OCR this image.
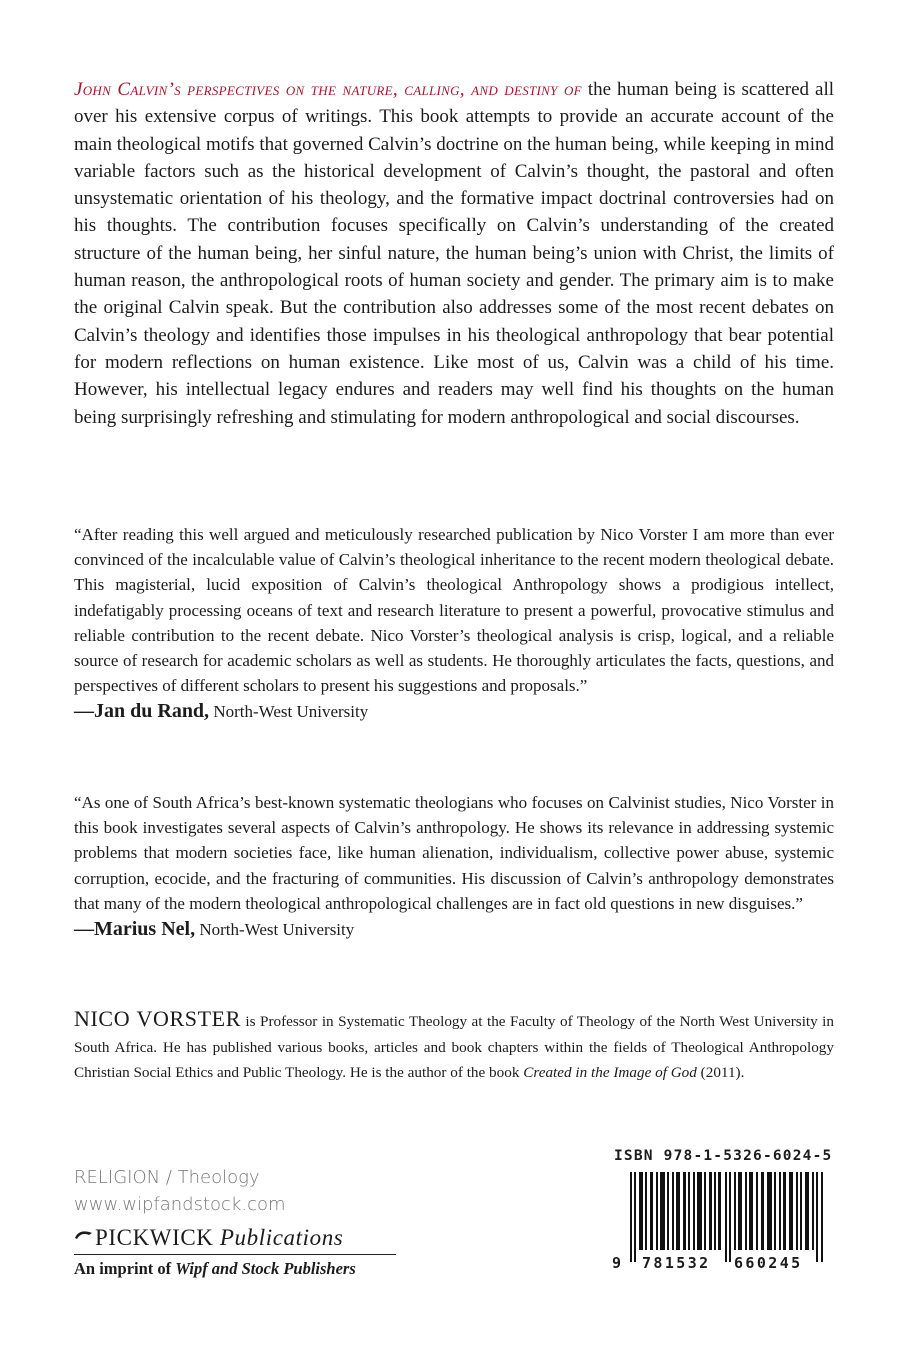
John Calvin’s perspectives on the nature, calling, and destiny of the human being is scattered all over his extensive corpus of writings. This book attempts to provide an accurate account of the main theological motifs that governed Calvin’s doctrine on the human being, while keeping in mind variable factors such as the historical development of Calvin’s thought, the pastoral and often unsystematic orientation of his theology, and the formative impact doctrinal controversies had on his thoughts. The contribution focuses specifically on Calvin’s understanding of the created structure of the human being, her sinful nature, the human being’s union with Christ, the limits of human reason, the anthropological roots of human society and gender. The primary aim is to make the original Calvin speak. But the contribution also addresses some of the most recent debates on Calvin’s theology and identifies those impulses in his theological anthropology that bear potential for modern reflections on human existence. Like most of us, Calvin was a child of his time. However, his intellectual legacy endures and readers may well find his thoughts on the human being surprisingly refreshing and stimulating for modern anthropological and social discourses.
“After reading this well argued and meticulously researched publication by Nico Vorster I am more than ever convinced of the incalculable value of Calvin’s theological inheritance to the recent modern theological debate. This magisterial, lucid exposition of Calvin’s theological Anthropology shows a prodigious intellect, indefatigably processing oceans of text and research literature to present a powerful, provocative stimulus and reliable contribution to the recent debate. Nico Vorster’s theological analysis is crisp, logical, and a reliable source of research for academic scholars as well as students. He thoroughly articulates the facts, questions, and perspectives of different scholars to present his suggestions and proposals.”
—Jan du Rand, North-West University
“As one of South Africa’s best-known systematic theologians who focuses on Calvinist studies, Nico Vorster in this book investigates several aspects of Calvin’s anthropology. He shows its relevance in addressing systemic problems that modern societies face, like human alienation, individualism, collective power abuse, systemic corruption, ecocide, and the fracturing of communities. His discussion of Calvin’s anthropology demonstrates that many of the modern theological anthropological challenges are in fact old questions in new disguises.”
—Marius Nel, North-West University
NICO VORSTER is Professor in Systematic Theology at the Faculty of Theology of the North West University in South Africa. He has published various books, articles and book chapters within the fields of Theological Anthropology Christian Social Ethics and Public Theology. He is the author of the book Created in the Image of God (2011).
RELIGION / Theology
www.wipfandstock.com
PICKWICK Publications
An imprint of Wipf and Stock Publishers
ISBN 978-1-5326-6024-5
9 781532 660245
